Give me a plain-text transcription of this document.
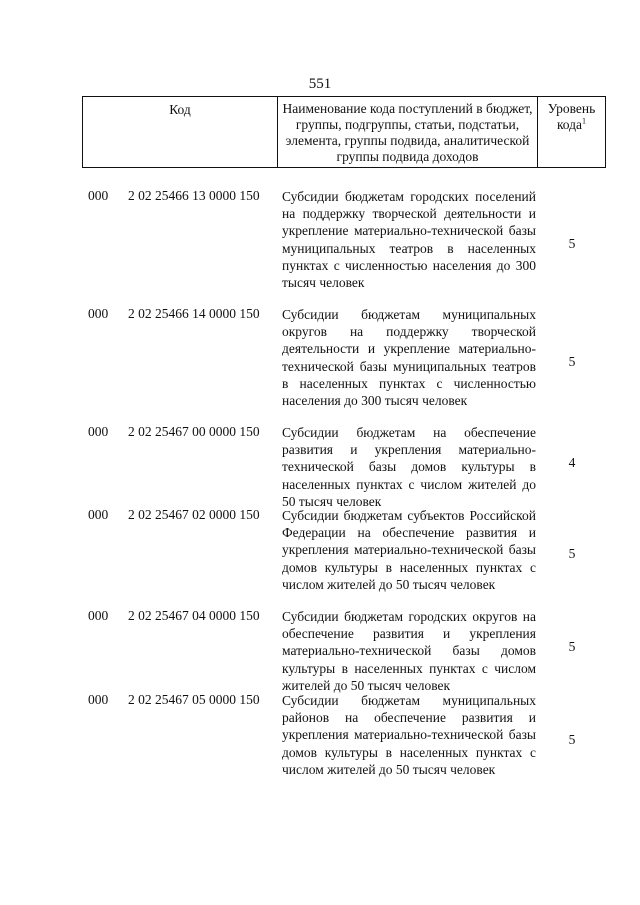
551
Код	Наименование кода поступлений в бюджет, группы, подгруппы, статьи, подстатьи, элемента, группы подвида, аналитической группы подвида доходов
Уровень кода$^1$
000 2 02 25466 13 0000 150 Субсидии бюджетам городских поселений на поддержку творческой деятельности и укрепление материально-технической базы муниципальных театров в населенных пунктах с численностью населения до 300 тысяч человек
5
000 2 02 25466 14 0000 150 Субсидии бюджетам муниципальных округов на поддержку творческой деятельности и укрепление материально-технической базы муниципальных театров в населенных пунктах с численностью населения до 300 тысяч человек
5
000 2 02 25467 00 0000 150 Субсидии бюджетам на обеспечение развития и укрепления материально-технической базы домов культуры в населенных пунктах с числом жителей до 50 тысяч человек
4
000 2 02 25467 02 0000 150 Субсидии бюджетам субъектов Российской Федерации на обеспечение развития и укрепления материально-технической базы домов культуры в населенных пунктах с числом жителей до 50 тысяч человек
5
000 2 02 25467 04 0000 150 Субсидии бюджетам городских округов на обеспечение развития и укрепления материально-технической базы домов культуры в населенных пунктах с числом жителей до 50 тысяч человек
5
000 2 02 25467 05 0000 150 Субсидии бюджетам муниципальных районов на обеспечение развития и укрепления материально-технической базы домов культуры в населенных пунктах с числом жителей до 50 тысяч человек
5
